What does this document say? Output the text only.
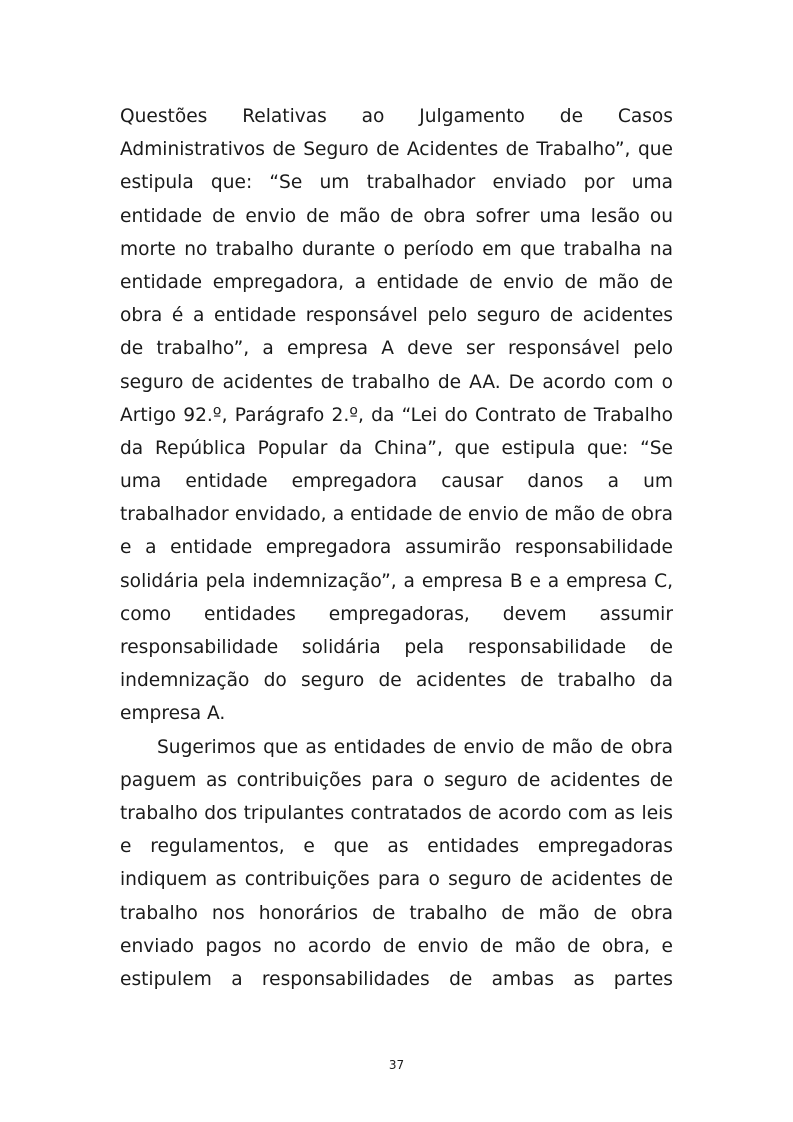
Questões Relativas ao Julgamento de Casos
Administrativos de Seguro de Acidentes de Trabalho”, que
estipula que: “Se um trabalhador enviado por uma
entidade de envio de mão de obra sofrer uma lesão ou
morte no trabalho durante o período em que trabalha na
entidade empregadora, a entidade de envio de mão de
obra é a entidade responsável pelo seguro de acidentes
de trabalho”, a empresa A deve ser responsável pelo
seguro de acidentes de trabalho de AA. De acordo com o
Artigo 92.º, Parágrafo 2.º, da “Lei do Contrato de Trabalho
da República Popular da China”, que estipula que: “Se
uma entidade empregadora causar danos a um
trabalhador envidado, a entidade de envio de mão de obra
e a entidade empregadora assumirão responsabilidade
solidária pela indemnização”, a empresa B e a empresa C,
como entidades empregadoras, devem assumir
responsabilidade solidária pela responsabilidade de
indemnização do seguro de acidentes de trabalho da
empresa A.
Sugerimos que as entidades de envio de mão de obra
paguem as contribuições para o seguro de acidentes de
trabalho dos tripulantes contratados de acordo com as leis
e regulamentos, e que as entidades empregadoras
indiquem as contribuições para o seguro de acidentes de
trabalho nos honorários de trabalho de mão de obra
enviado pagos no acordo de envio de mão de obra, e
estipulem a responsabilidades de ambas as partes
37
